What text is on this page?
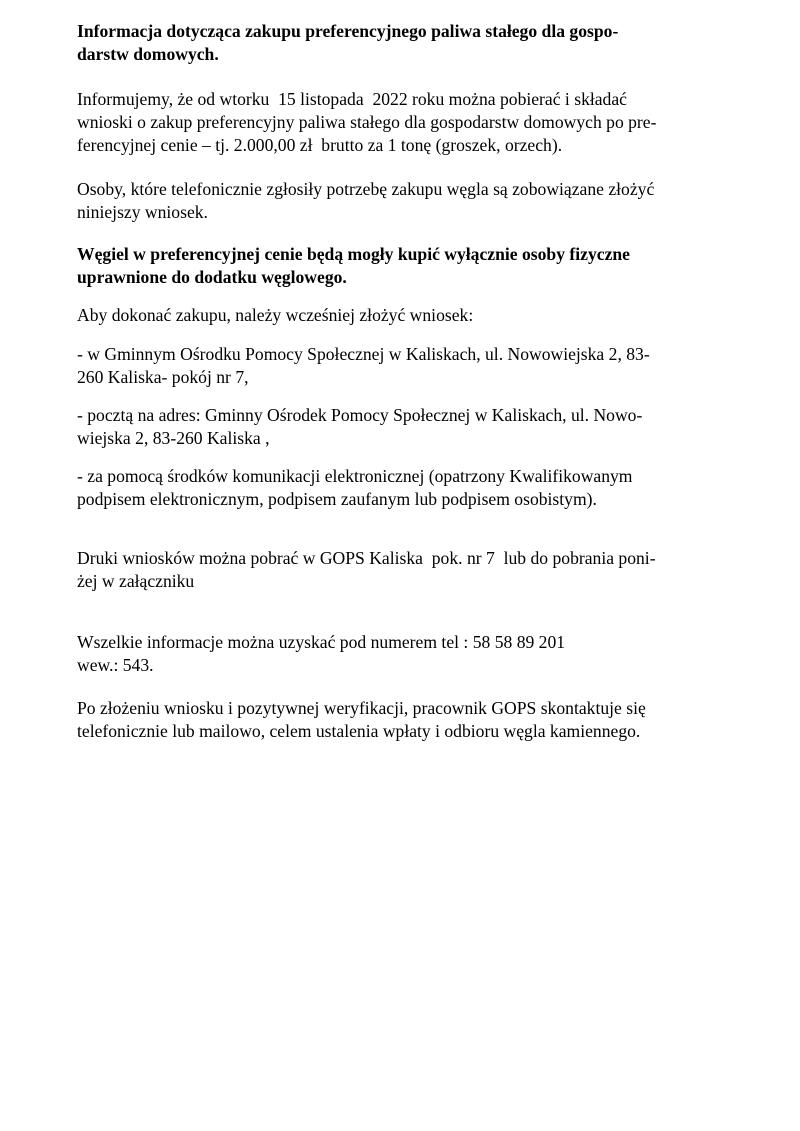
Informacja dotycząca zakupu preferencyjnego paliwa stałego dla gospo-

darstw domowych.

Informujemy, że od wtorku  15 listopada  2022 roku można pobierać i składać

wnioski o zakup preferencyjny paliwa stałego dla gospodarstw domowych po pre-

ferencyjnej cenie – tj. 2.000,00 zł  brutto za 1 tonę (groszek, orzech).

Osoby, które telefonicznie zgłosiły potrzebę zakupu węgla są zobowiązane złożyć

niniejszy wniosek.

Węgiel w preferencyjnej cenie będą mogły kupić wyłącznie osoby fizyczne

uprawnione do dodatku węglowego.

Aby dokonać zakupu, należy wcześniej złożyć wniosek:

- w Gminnym Ośrodku Pomocy Społecznej w Kaliskach, ul. Nowowiejska 2, 83-

260 Kaliska- pokój nr 7,

- pocztą na adres: Gminny Ośrodek Pomocy Społecznej w Kaliskach, ul. Nowo-

wiejska 2, 83-260 Kaliska ,

- za pomocą środków komunikacji elektronicznej (opatrzony Kwalifikowanym

podpisem elektronicznym, podpisem zaufanym lub podpisem osobistym).

Druki wniosków można pobrać w GOPS Kaliska  pok. nr 7  lub do pobrania poni-

żej w załączniku

Wszelkie informacje można uzyskać pod numerem tel : 58 58 89 201

wew.: 543.

Po złożeniu wniosku i pozytywnej weryfikacji, pracownik GOPS skontaktuje się

telefonicznie lub mailowo, celem ustalenia wpłaty i odbioru węgla kamiennego.
